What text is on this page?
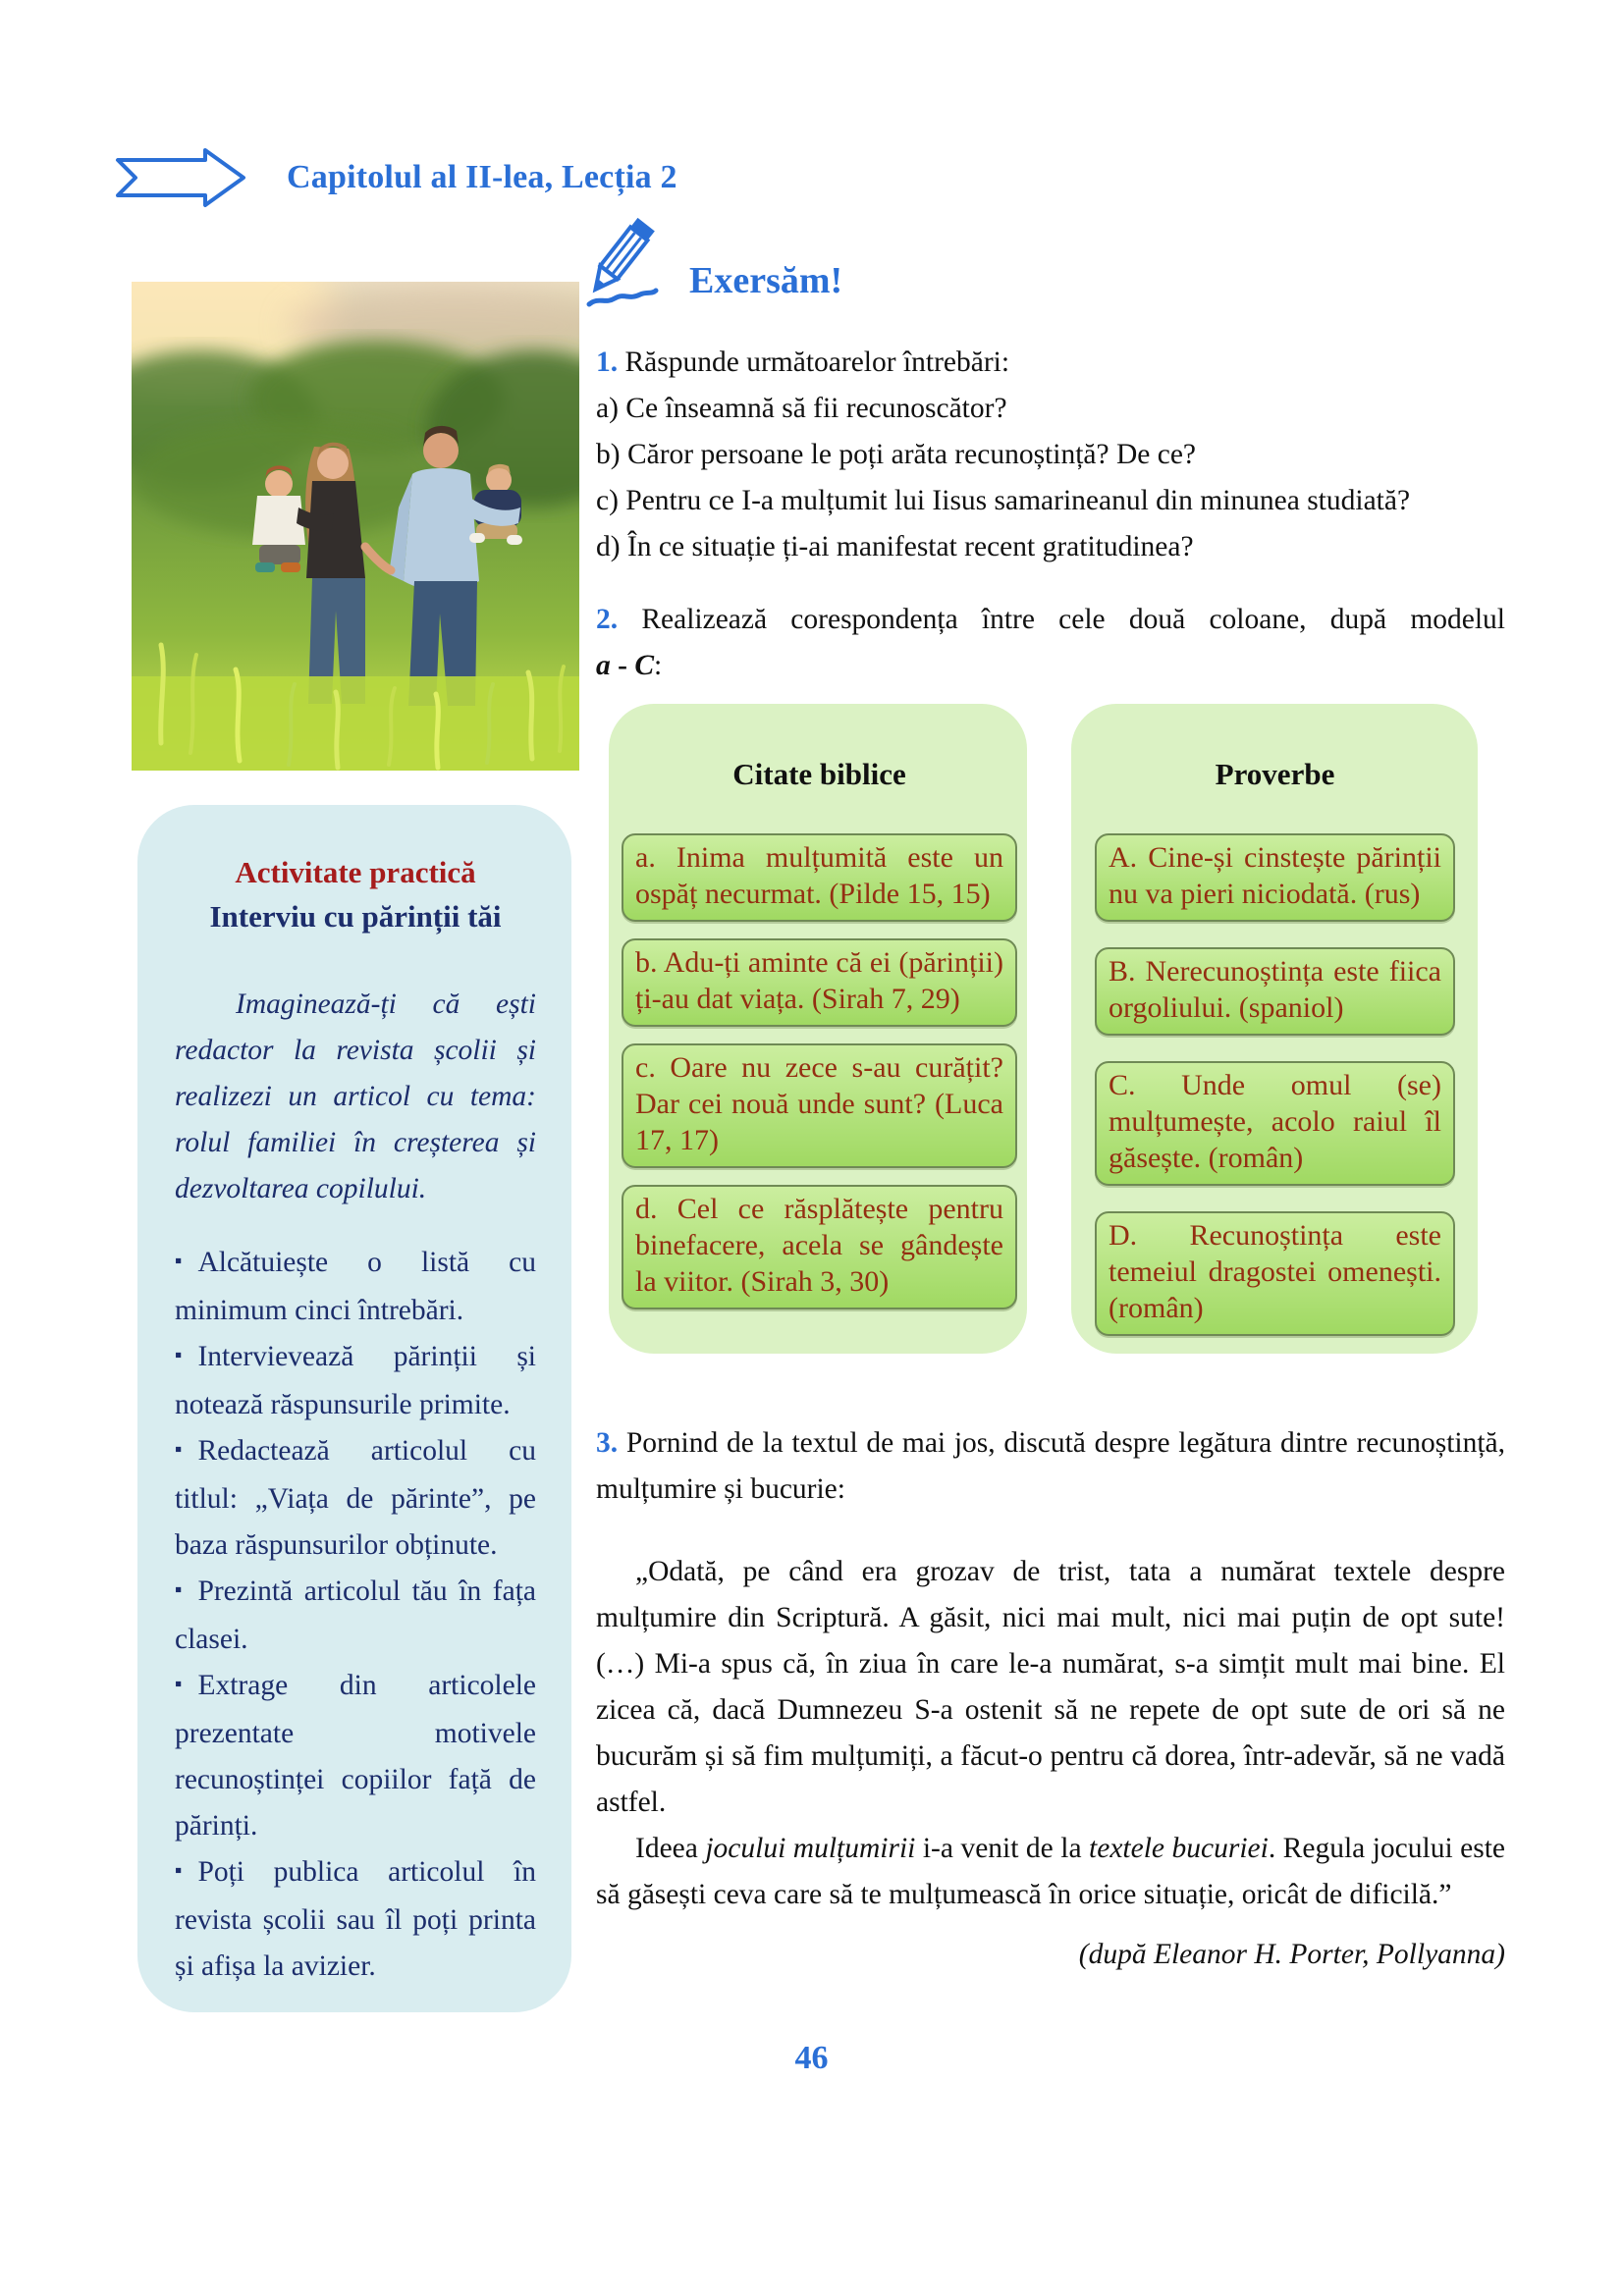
Capitolul al II-lea, Lecția 2
Exersăm!
1. Răspunde următoarelor întrebări:
a) Ce înseamnă să fii recunoscător?
b) Căror persoane le poți arăta recunoștință? De ce?
c) Pentru ce I-a mulțumit lui Iisus samarineanul din minunea studiată?
d) În ce situație ți-ai manifestat recent gratitudinea?
2. Realizează corespondența între cele două coloane, după modelul
a - C:
Citate biblice
a. Inima mulțumită este un ospăț necurmat. (Pilde 15, 15)
b. Adu-ți aminte că ei (părinții) ți-au dat viața. (Sirah 7, 29)
c. Oare nu zece s-au curățit? Dar cei nouă unde sunt? (Luca 17, 17)
d. Cel ce răsplătește pentru binefacere, acela se gândește la viitor. (Sirah 3, 30)
Proverbe
A. Cine-și cinstește părinții nu va pieri niciodată. (rus)
B. Nerecunoștința este fiica orgoliului. (spaniol)
C. Unde omul (se) mulțumește, acolo raiul îl găsește. (român)
D. Recunoștința este temeiul dragostei omenești. (român)
Activitate practică
Interviu cu părinții tăi
Imaginează-ți că ești redactor la revista școlii și realizezi un articol cu tema: rolul familiei în creșterea și dezvoltarea copilului.
▪ Alcătuiește o listă cu minimum cinci întrebări.
▪ Intervievează părinții și notează răspunsurile primite.
▪ Redactează articolul cu titlul: „Viața de părinte”, pe baza răspunsurilor obținute.
▪ Prezintă articolul tău în fața clasei.
▪ Extrage din articolele prezentate motivele recunoștinței copiilor față de părinți.
▪ Poți publica articolul în revista școlii sau îl poți printa și afișa la avizier.
3. Pornind de la textul de mai jos, discută despre legătura dintre recunoștință, mulțumire și bucurie:

„Odată, pe când era grozav de trist, tata a numărat textele despre mulțumire din Scriptură. A găsit, nici mai mult, nici mai puțin de opt sute! (…) Mi-a spus că, în ziua în care le-a numărat, s-a simțit mult mai bine. El zicea că, dacă Dumnezeu S-a ostenit să ne repete de opt sute de ori să ne bucurăm și să fim mulțumiți, a făcut-o pentru că dorea, într-adevăr, să ne vadă astfel.

Ideea jocului mulțumirii i-a venit de la textele bucuriei. Regula jocului este să găsești ceva care să te mulțumească în orice situație, oricât de dificilă.”

(după Eleanor H. Porter, Pollyanna)

46
